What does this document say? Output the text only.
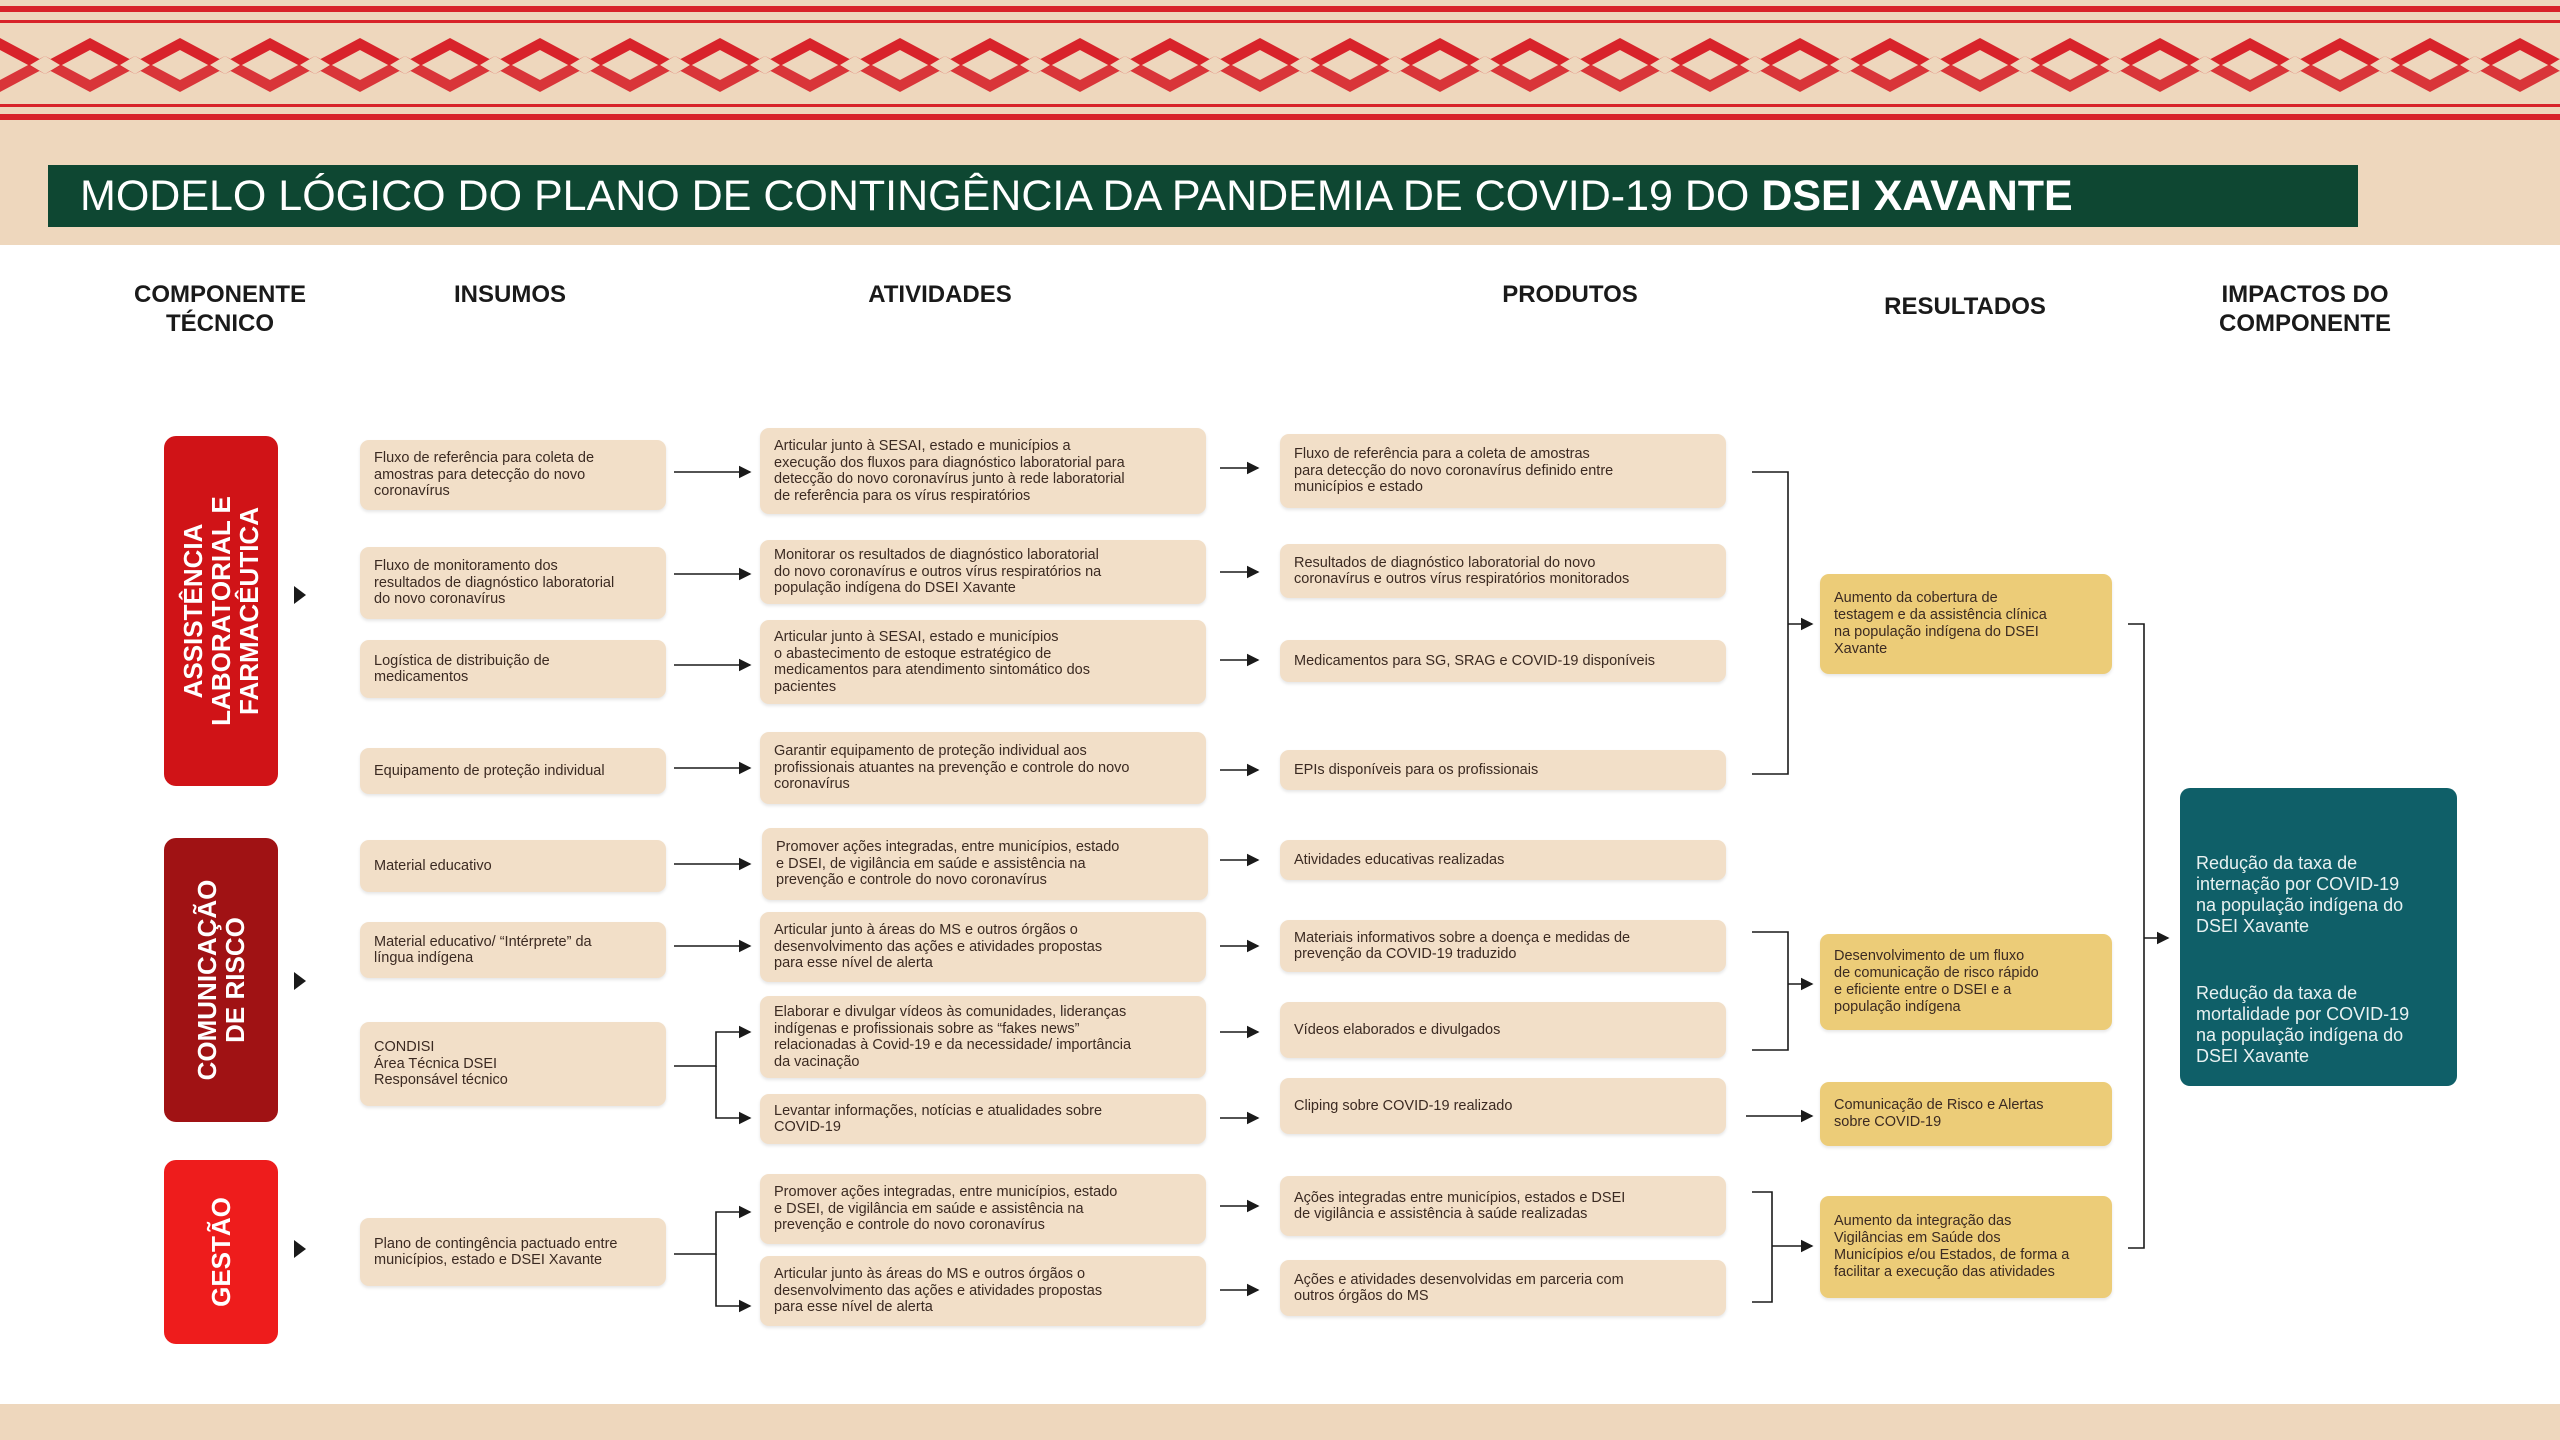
MODELO LÓGICO DO PLANO DE CONTINGÊNCIA DA PANDEMIA DE COVID-19 DO DSEI XAVANTE
COMPONENTE
TÉCNICO
INSUMOS	ATIVIDADES	PRODUTOS	RESULTADOS	IMPACTOS DO
COMPONENTE
ASSISTÊNCIA
LABORATORIAL E
FARMACÊUTICA
COMUNICAÇÃO
DE RISCO
GESTÃO
Fluxo de referência para coleta de
amostras para detecção do novo
coronavírus
Fluxo de monitoramento dos
resultados de diagnóstico laboratorial
do novo coronavírus
Logística de distribuição de
medicamentos
Equipamento de proteção individual
Material educativo
Material educativo/ “Intérprete” da
língua indígena
CONDISI
Área Técnica DSEI
Responsável técnico
Plano de contingência pactuado entre
municípios, estado e DSEI Xavante
Articular junto à SESAI, estado e municípios a
execução dos fluxos para diagnóstico laboratorial para
detecção do novo coronavírus junto à rede laboratorial
de referência para os vírus respiratórios
Monitorar os resultados de diagnóstico laboratorial
do novo coronavírus e outros vírus respiratórios na
população indígena do DSEI Xavante
Articular junto à SESAI, estado e municípios
o abastecimento de estoque estratégico de
medicamentos para atendimento sintomático dos
pacientes
Garantir equipamento de proteção individual aos
profissionais atuantes na prevenção e controle do novo
coronavírus
Promover ações integradas, entre municípios, estado
e DSEI, de vigilância em saúde e assistência na
prevenção e controle do novo coronavírus
Articular junto à áreas do MS e outros órgãos o
desenvolvimento das ações e atividades propostas
para esse nível de alerta
Elaborar e divulgar vídeos às comunidades, lideranças
indígenas e profissionais sobre as “fakes news”
relacionadas à Covid-19 e da necessidade/ importância
da vacinação
Levantar informações, notícias e atualidades sobre
COVID-19
Promover ações integradas, entre municípios, estado
e DSEI, de vigilância em saúde e assistência na
prevenção e controle do novo coronavírus
Articular junto às áreas do MS e outros órgãos o
desenvolvimento das ações e atividades propostas
para esse nível de alerta
Fluxo de referência para a coleta de amostras
para detecção do novo coronavírus definido entre
municípios e estado
Resultados de diagnóstico laboratorial do novo
coronavírus e outros vírus respiratórios monitorados
Medicamentos para SG, SRAG e COVID-19 disponíveis
EPIs disponíveis para os profissionais
Atividades educativas realizadas
Materiais informativos sobre a doença e medidas de
prevenção da COVID-19 traduzido
Vídeos elaborados e divulgados
Cliping sobre COVID-19 realizado
Ações integradas entre municípios, estados e DSEI
de vigilância e assistência à saúde realizadas
Ações e atividades desenvolvidas em parceria com
outros órgãos do MS
Aumento da cobertura de
testagem e da assistência clínica
na população indígena do DSEI
Xavante
Desenvolvimento de um fluxo
de comunicação de risco rápido
e eficiente entre o DSEI e a
população indígena
Comunicação de Risco e Alertas
sobre COVID-19
Aumento da integração das
Vigilâncias em Saúde dos
Municípios e/ou Estados, de forma a
facilitar a execução das atividades

Redução da taxa de
internação por COVID-19
na população indígena do
DSEI Xavante

Redução da taxa de
mortalidade por COVID-19
na população indígena do
DSEI Xavante
